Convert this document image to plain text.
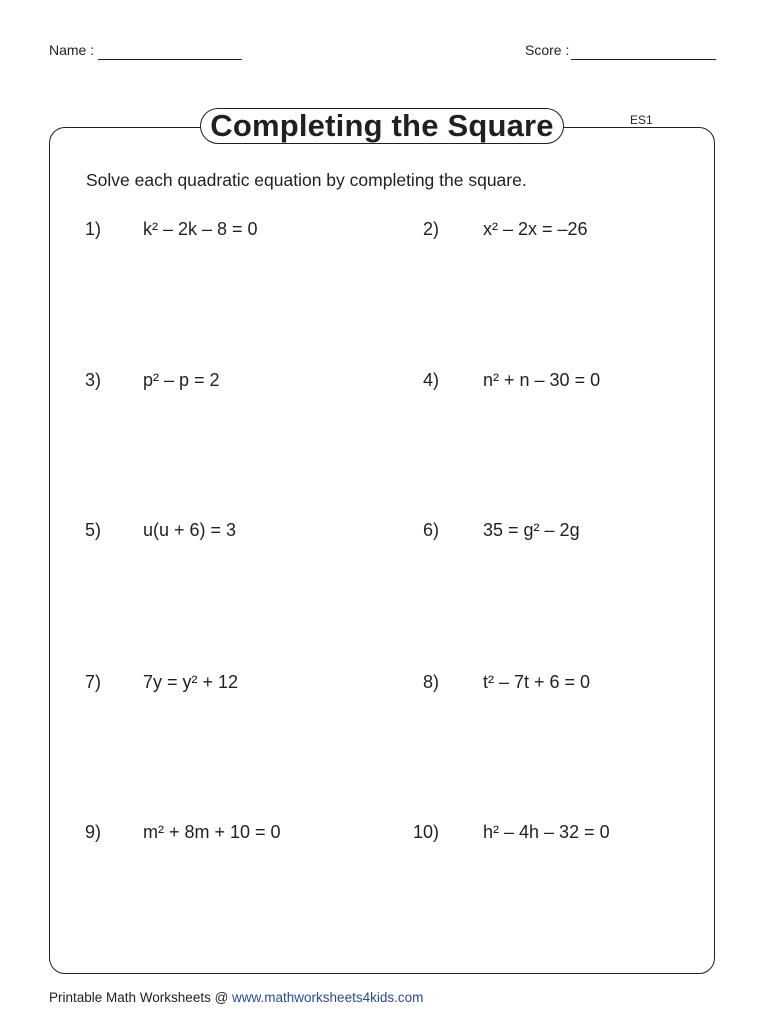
Name :	Score :
Completing the Square	ES1
Solve each quadratic equation by completing the square.
1) k² – 2k – 8 = 0	2) x² – 2x = –26
3) p² – p = 2	4) n² + n – 30 = 0
5) u(u + 6) = 3	6) 35 = g² – 2g
7) 7y = y² + 12	8) t² – 7t + 6 = 0
9) m² + 8m + 10 = 0	10) h² – 4h – 32 = 0
Printable Math Worksheets @ www.mathworksheets4kids.com
